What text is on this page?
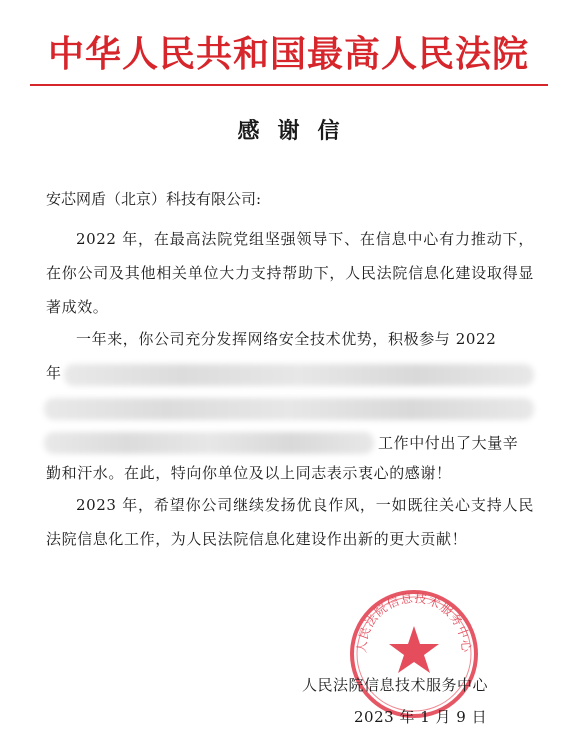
中华人民共和国最高人民法院
感谢信
安芯网盾（北京）科技有限公司:
2022 年，在最高法院党组坚强领导下、在信息中心有力推动下，在你公司及其他相关单位大力支持帮助下，人民法院信息化建设取得显著成效。
一年来，你公司充分发挥网络安全技术优势，积极参与 2022
年
工作中付出了大量辛
勤和汗水。在此，特向你单位及以上同志表示衷心的感谢！
2023 年，希望你公司继续发扬优良作风，一如既往关心支持人民法院信息化工作，为人民法院信息化建设作出新的更大贡献！
人民法院信息技术服务中心
人民法院信息技术服务中心
2023 年 1 月 9 日
